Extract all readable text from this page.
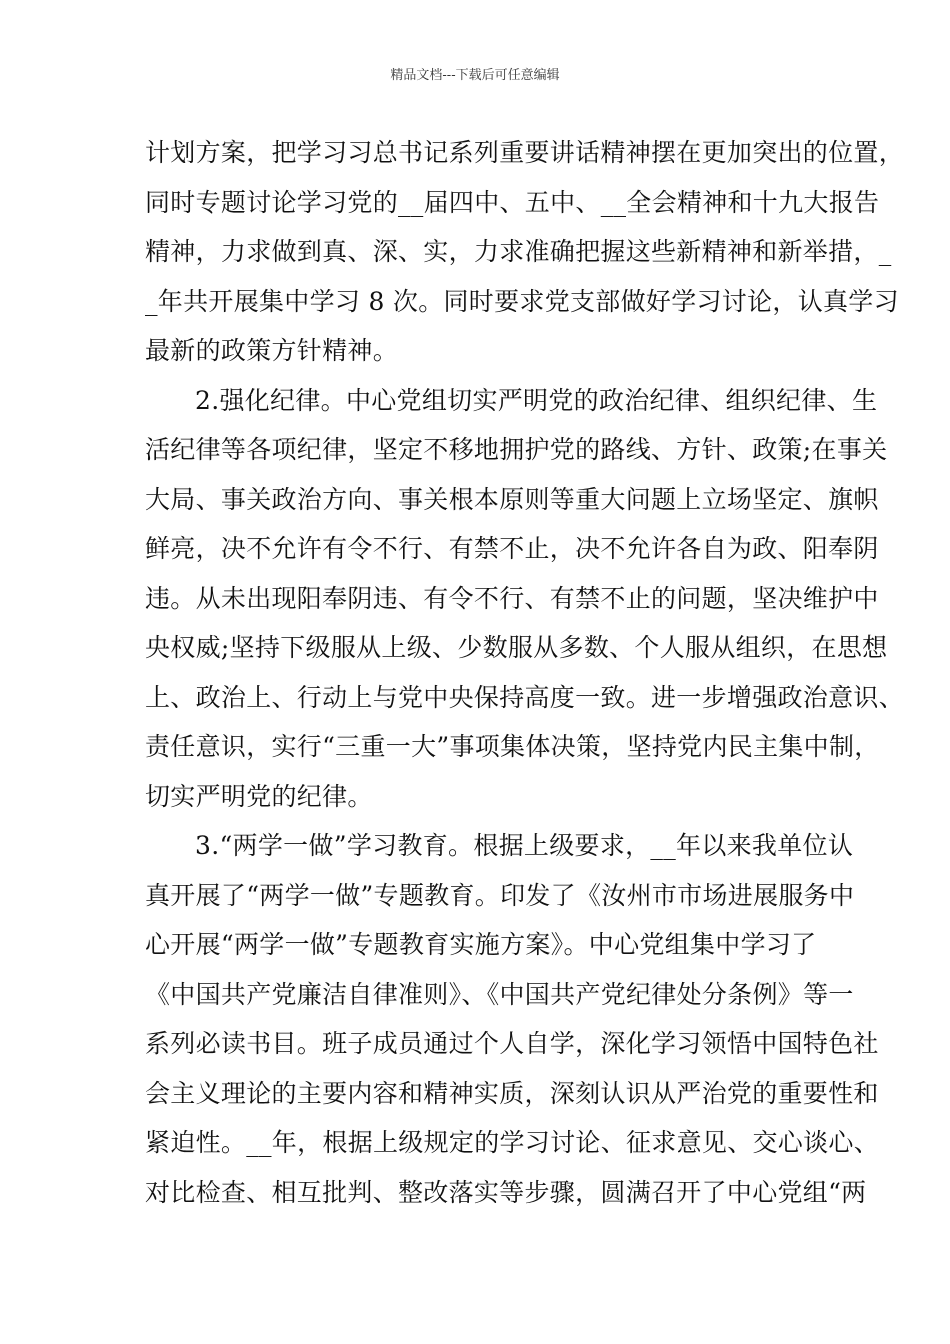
精品文档---下载后可任意编辑
计划方案，把学习习总书记系列重要讲话精神摆在更加突出的位置，
同时专题讨论学习党的__届四中、五中、__全会精神和十九大报告
精神，力求做到真、深、实，力求准确把握这些新精神和新举措，_
_年共开展集中学习 8 次。同时要求党支部做好学习讨论，认真学习
最新的政策方针精神。
2.强化纪律。中心党组切实严明党的政治纪律、组织纪律、生
活纪律等各项纪律，坚定不移地拥护党的路线、方针、政策;在事关
大局、事关政治方向、事关根本原则等重大问题上立场坚定、旗帜
鲜亮，决不允许有令不行、有禁不止，决不允许各自为政、阳奉阴
违。从未出现阳奉阴违、有令不行、有禁不止的问题，坚决维护中
央权威;坚持下级服从上级、少数服从多数、个人服从组织，在思想
上、政治上、行动上与党中央保持高度一致。进一步增强政治意识、
责任意识，实行“三重一大”事项集体决策，坚持党内民主集中制，
切实严明党的纪律。
3.“两学一做”学习教育。根据上级要求，__年以来我单位认
真开展了“两学一做”专题教育。印发了《汝州市市场进展服务中
心开展“两学一做”专题教育实施方案》。中心党组集中学习了
《中国共产党廉洁自律准则》、《中国共产党纪律处分条例》等一
系列必读书目。班子成员通过个人自学，深化学习领悟中国特色社
会主义理论的主要内容和精神实质，深刻认识从严治党的重要性和
紧迫性。__年，根据上级规定的学习讨论、征求意见、交心谈心、
对比检查、相互批判、整改落实等步骤，圆满召开了中心党组“两
